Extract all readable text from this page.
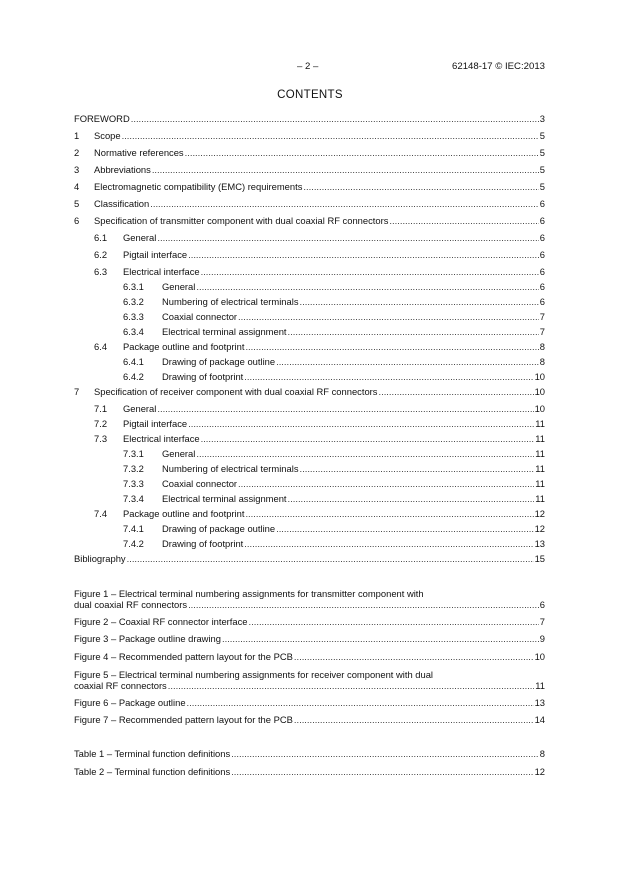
– 2 –	62148-17 © IEC:2013
CONTENTS
FOREWORD .....	3
1	Scope .....	5
2	Normative references .....	5
3	Abbreviations .....	5
4	Electromagnetic compatibility (EMC) requirements .....	5
5	Classification .....	6
6	Specification of transmitter component with dual coaxial RF connectors .....	6
6.1	General .....	6
6.2	Pigtail interface .....	6
6.3	Electrical interface .....	6
6.3.1	General .....	6
6.3.2	Numbering of electrical terminals .....	6
6.3.3	Coaxial connector .....	7
6.3.4	Electrical terminal assignment .....	7
6.4	Package outline and footprint .....	8
6.4.1	Drawing of package outline .....	8
6.4.2	Drawing of footprint .....	10
7	Specification of receiver component with dual coaxial RF connectors .....	10
7.1	General .....	10
7.2	Pigtail interface .....	11
7.3	Electrical interface .....	11
7.3.1	General .....	11
7.3.2	Numbering of electrical terminals .....	11
7.3.3	Coaxial connector .....	11
7.3.4	Electrical terminal assignment .....	11
7.4	Package outline and footprint .....	12
7.4.1	Drawing of package outline .....	12
7.4.2	Drawing of footprint .....	13
Bibliography .....	15
Figure 1 – Electrical terminal numbering assignments for transmitter component with
dual coaxial RF connectors .....	6
Figure 2 – Coaxial RF connector interface .....	7
Figure 3 – Package outline drawing .....	9
Figure 4 – Recommended pattern layout for the PCB .....	10
Figure 5 – Electrical terminal numbering assignments for receiver component with dual
coaxial RF connectors .....	11
Figure 6 – Package outline .....	13
Figure 7 – Recommended pattern layout for the PCB .....	14
Table 1 – Terminal function definitions .....	8
Table 2 – Terminal function definitions .....	12
